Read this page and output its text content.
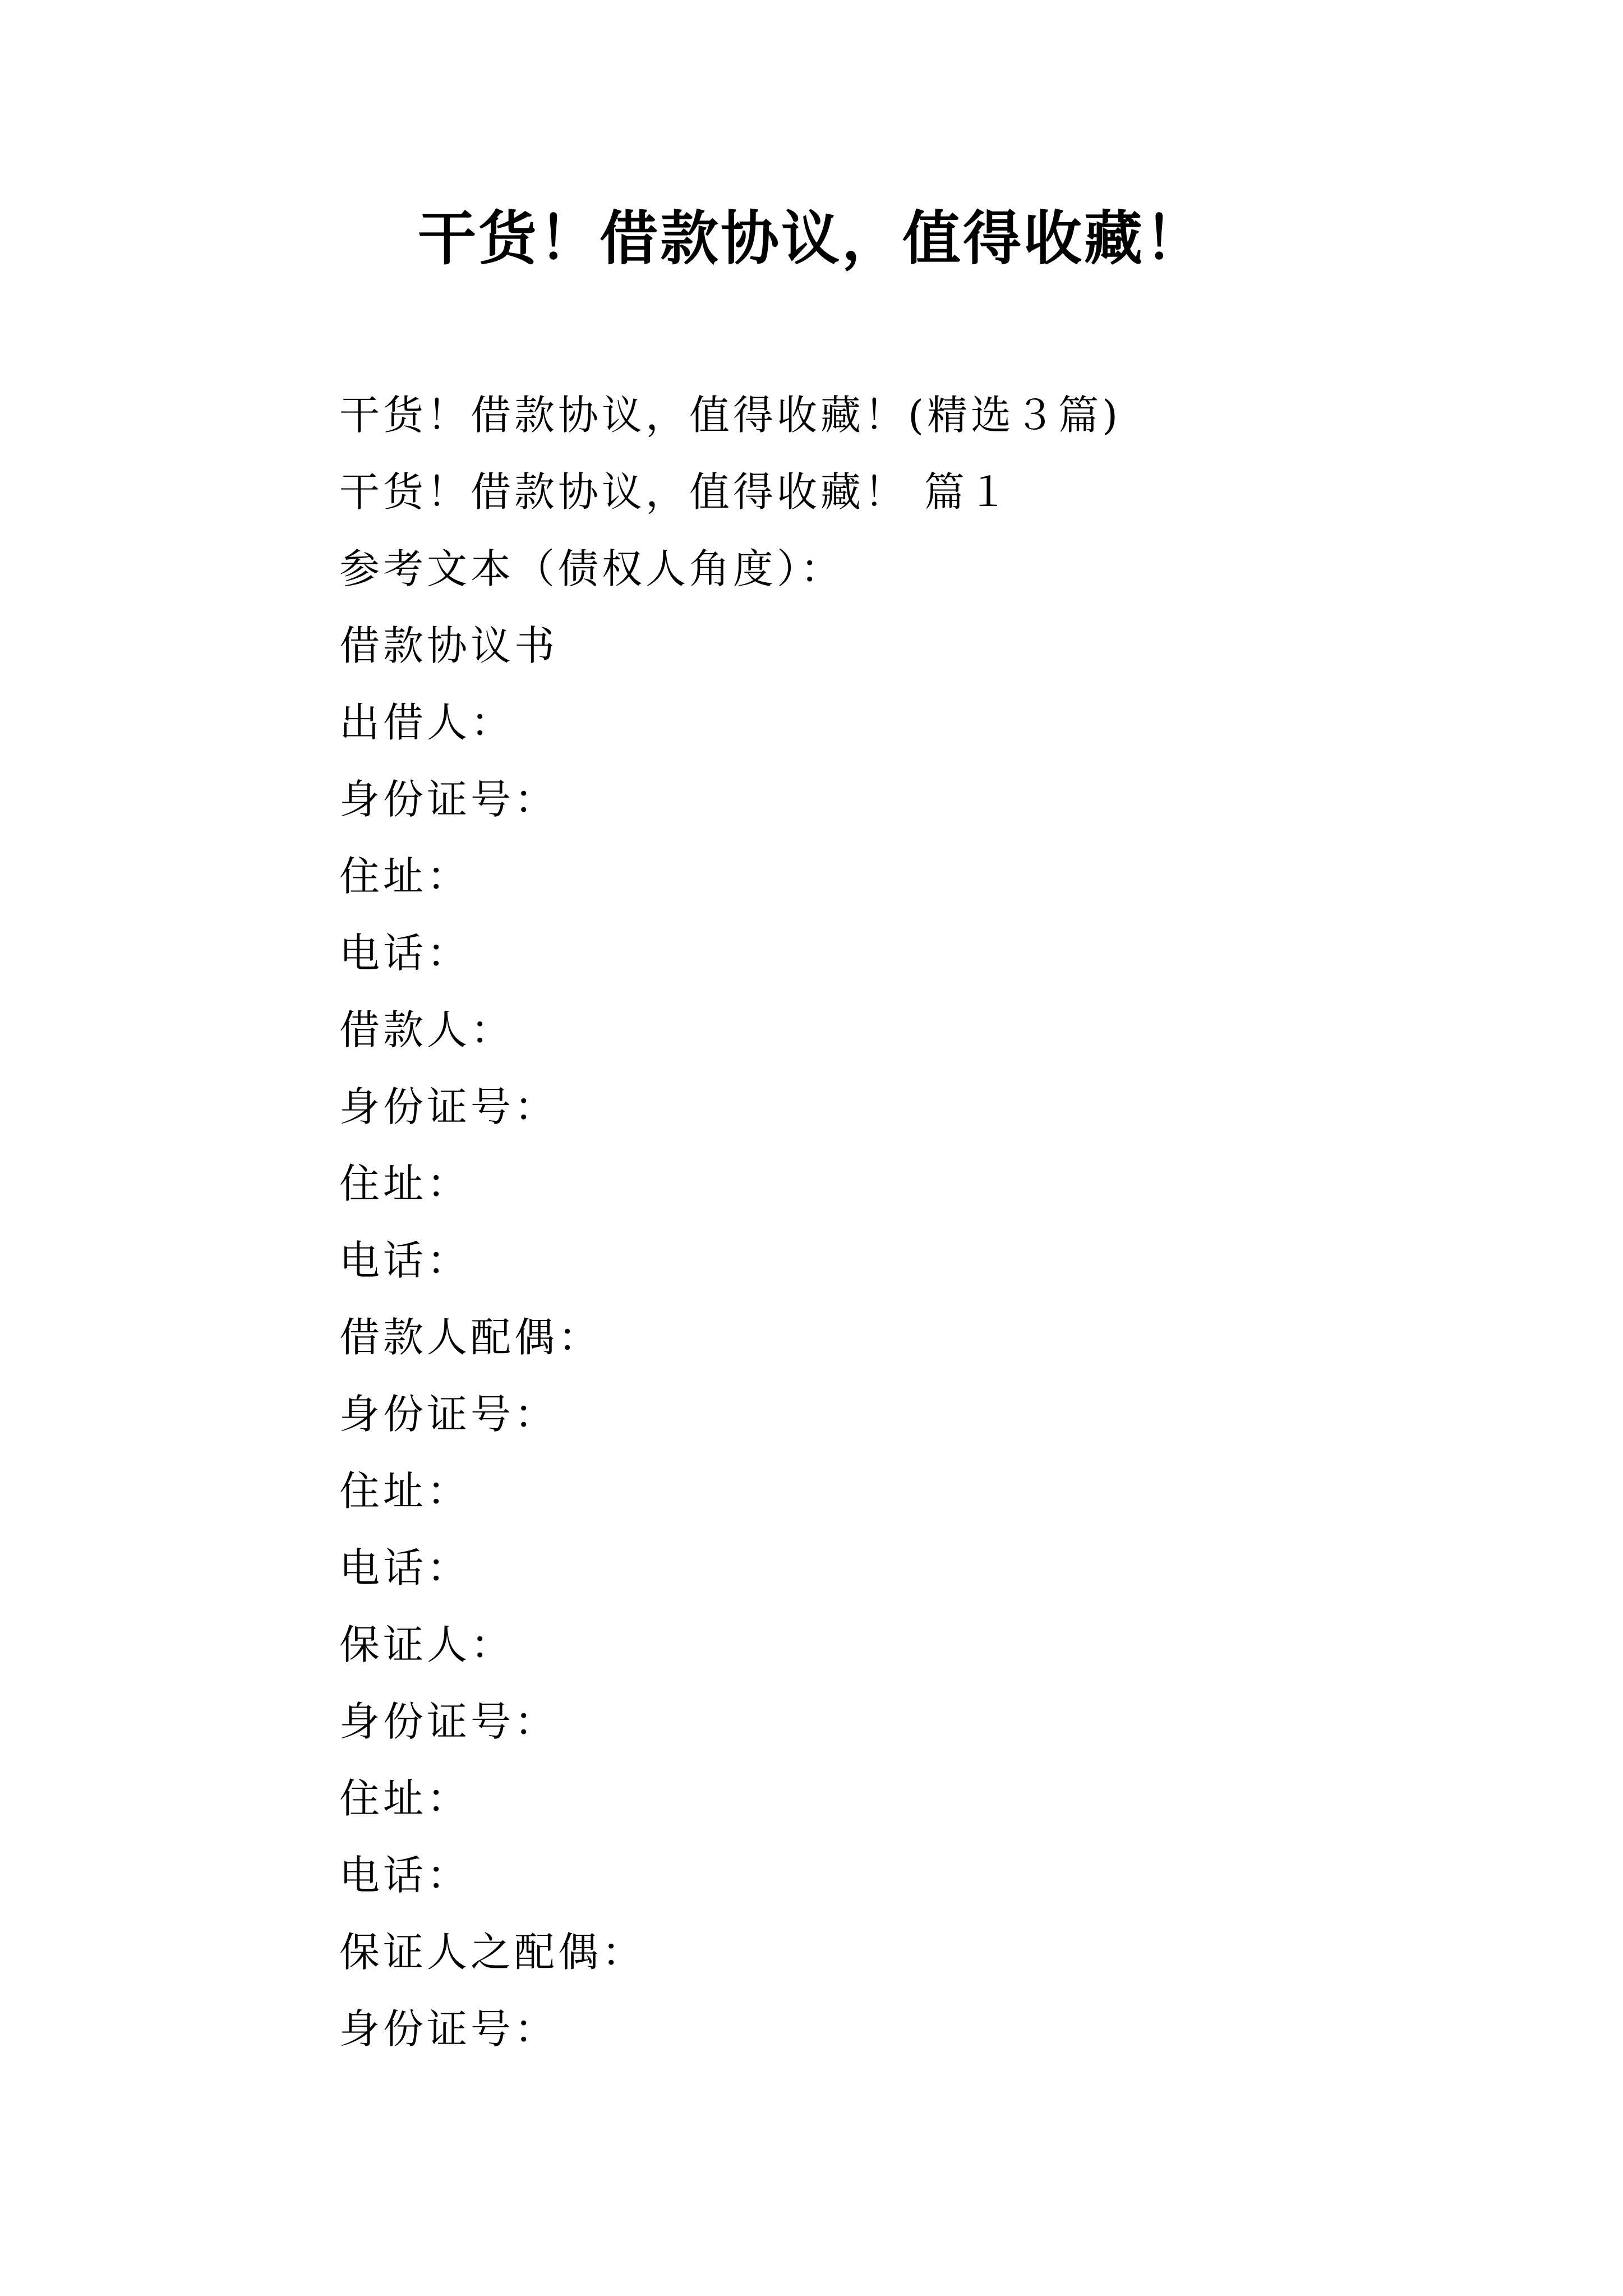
干货！借款协议，值得收藏！
干货！借款协议，值得收藏！(精选３篇)
干货！借款协议，值得收藏！ 篇１
参考文本（债权人角度）：
借款协议书
出借人：
身份证号：
住址：
电话：
借款人：
身份证号：
住址：
电话：
借款人配偶：
身份证号：
住址：
电话：
保证人：
身份证号：
住址：
电话：
保证人之配偶：
身份证号：
